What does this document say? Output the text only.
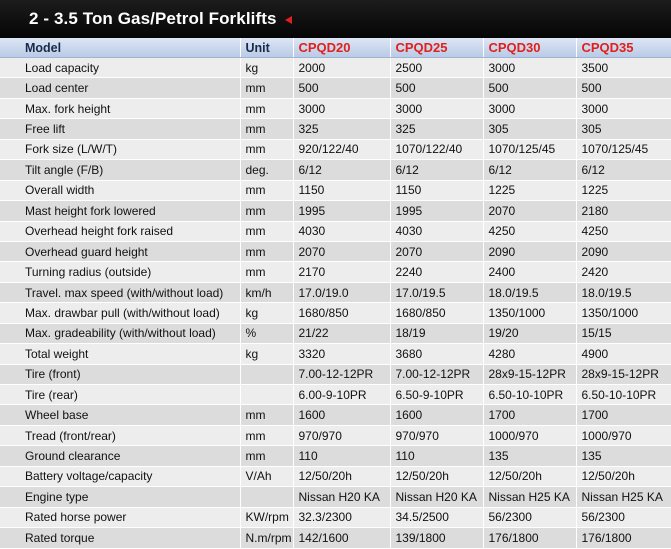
2 - 3.5 Ton Gas/Petrol Forklifts
Model	Unit	CPQD20	CPQD25	CPQD30	CPQD35
Load capacity	kg	2000	2500	3000	3500
Load center	mm	500	500	500	500
Max. fork height	mm	3000	3000	3000	3000
Free lift	mm	325	325	305	305
Fork size (L/W/T)	mm	920/122/40	1070/122/40	1070/125/45	1070/125/45
Tilt angle (F/B)	deg.	6/12	6/12	6/12	6/12
Overall width	mm	1150	1150	1225	1225
Mast height fork lowered	mm	1995	1995	2070	2180
Overhead height fork raised	mm	4030	4030	4250	4250
Overhead guard height	mm	2070	2070	2090	2090
Turning radius (outside)	mm	2170	2240	2400	2420
Travel. max speed (with/without load)	km/h	17.0/19.0	17.0/19.5	18.0/19.5	18.0/19.5
Max. drawbar pull (with/without load)	kg	1680/850	1680/850	1350/1000	1350/1000
Max. gradeability (with/without load)	%	21/22	18/19	19/20	15/15
Total weight	kg	3320	3680	4280	4900
Tire (front)		7.00-12-12PR	7.00-12-12PR	28x9-15-12PR	28x9-15-12PR
Tire (rear)		6.00-9-10PR	6.50-9-10PR	6.50-10-10PR	6.50-10-10PR
Wheel base	mm	1600	1600	1700	1700
Tread (front/rear)	mm	970/970	970/970	1000/970	1000/970
Ground clearance	mm	110	110	135	135
Battery voltage/capacity	V/Ah	12/50/20h	12/50/20h	12/50/20h	12/50/20h
Engine type		Nissan H20 KA	Nissan H20 KA	Nissan H25 KA	Nissan H25 KA
Rated horse power	KW/rpm	32.3/2300	34.5/2500	56/2300	56/2300
Rated torque	N.m/rpm	142/1600	139/1800	176/1800	176/1800
